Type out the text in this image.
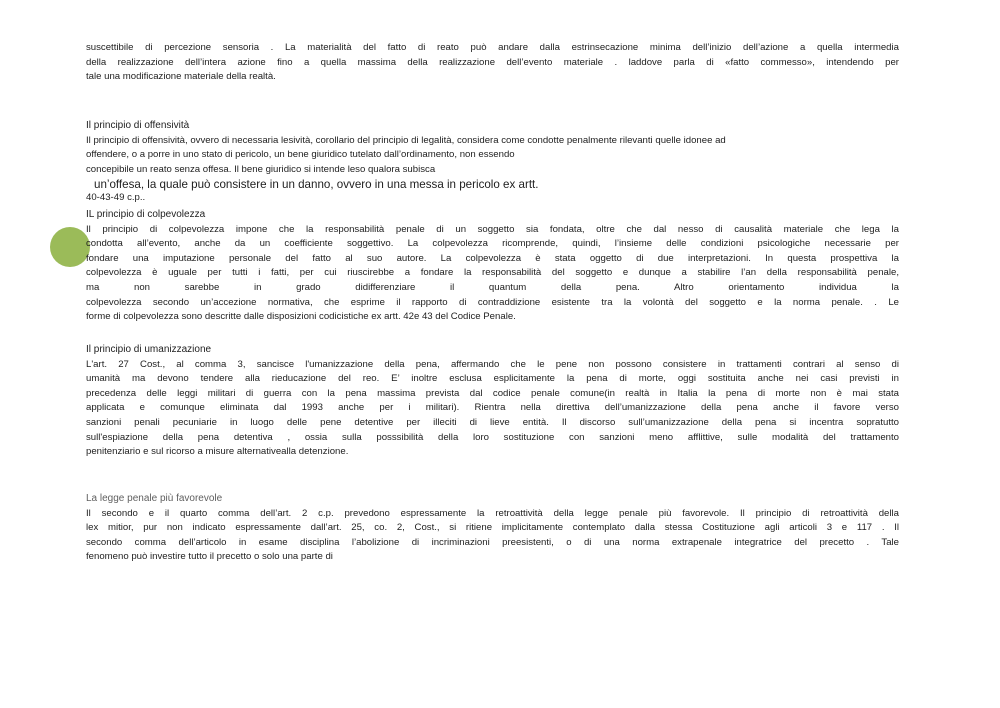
suscettibile di percezione sensoria . La materialità del fatto di reato può andare dalla estrinsecazione minima dell’inizio dell’azione a quella intermedia
della realizzazione dell’intera azione fino a quella massima della realizzazione dell’evento materiale . laddove parla di «fatto commesso», intendendo per
tale una modificazione materiale della realtà.
Il principio di offensività
Il principio di offensività, ovvero di necessaria lesività, corollario del principio di legalità, considera come condotte penalmente rilevanti quelle idonee ad
offendere, o a porre in uno stato di pericolo, un bene giuridico tutelato dall’ordinamento, non essendo
concepibile un reato senza offesa. Il bene giuridico si intende leso qualora subisca
un’offesa, la quale può consistere in un danno, ovvero in una messa in pericolo ex artt.
40-43-49 c.p..
IL principio di colpevolezza
Il principio di colpevolezza impone che la responsabilità penale di un soggetto sia fondata, oltre che dal nesso di causalità materiale che lega la
condotta all’evento, anche da un coefficiente soggettivo. La colpevolezza ricomprende, quindi, l’insieme delle condizioni psicologiche necessarie per
fondare una imputazione personale del fatto al suo autore. La colpevolezza è stata oggetto di due interpretazioni. In questa prospettiva la
colpevolezza è uguale per tutti i fatti, per cui riuscirebbe a fondare la responsabilità del soggetto e dunque a stabilire l’an della responsabilità penale,
ma non sarebbe in grado didifferenziare il quantum della pena. Altro orientamento individua la
colpevolezza secondo un’accezione normativa, che esprime il rapporto di contraddizione esistente tra la volontà del soggetto e la norma penale. . Le
forme di colpevolezza sono descritte dalle disposizioni codicistiche ex artt. 42e 43 del Codice Penale.
Il principio di umanizzazione
L'art. 27 Cost., al comma 3, sancisce l'umanizzazione della pena, affermando che le pene non possono consistere in trattamenti contrari al senso di
umanità ma devono tendere alla rieducazione del reo. E’ inoltre esclusa esplicitamente la pena di morte, oggi sostituita anche nei casi previsti in
precedenza delle leggi militari di guerra con la pena massima prevista dal codice penale comune(in realtà in Italia la pena di morte non è mai stata
applicata e comunque eliminata dal 1993 anche per i militari). Rientra nella direttiva dell’umanizzazione della pena anche il favore verso
sanzioni penali pecuniarie in luogo delle pene detentive per illeciti di lieve entità. Il discorso sull’umanizzazione della pena si incentra sopratutto
sull'espiazione della pena detentiva , ossia sulla posssibilità della loro sostituzione con sanzioni meno afflittive, sulle modalità del trattamento
penitenziario e sul ricorso a misure alternativealla detenzione.
La legge penale più favorevole
Il secondo e il quarto comma dell’art. 2 c.p. prevedono espressamente la retroattività della legge penale più favorevole. Il principio di retroattività della
lex mitior, pur non indicato espressamente dall’art. 25, co. 2, Cost., si ritiene implicitamente contemplato dalla stessa Costituzione agli articoli 3 e 117 . Il
secondo comma dell’articolo in esame disciplina l’abolizione di incriminazioni preesistenti, o di una norma extrapenale integratrice del precetto . Tale
fenomeno può investire tutto il precetto o solo una parte di
